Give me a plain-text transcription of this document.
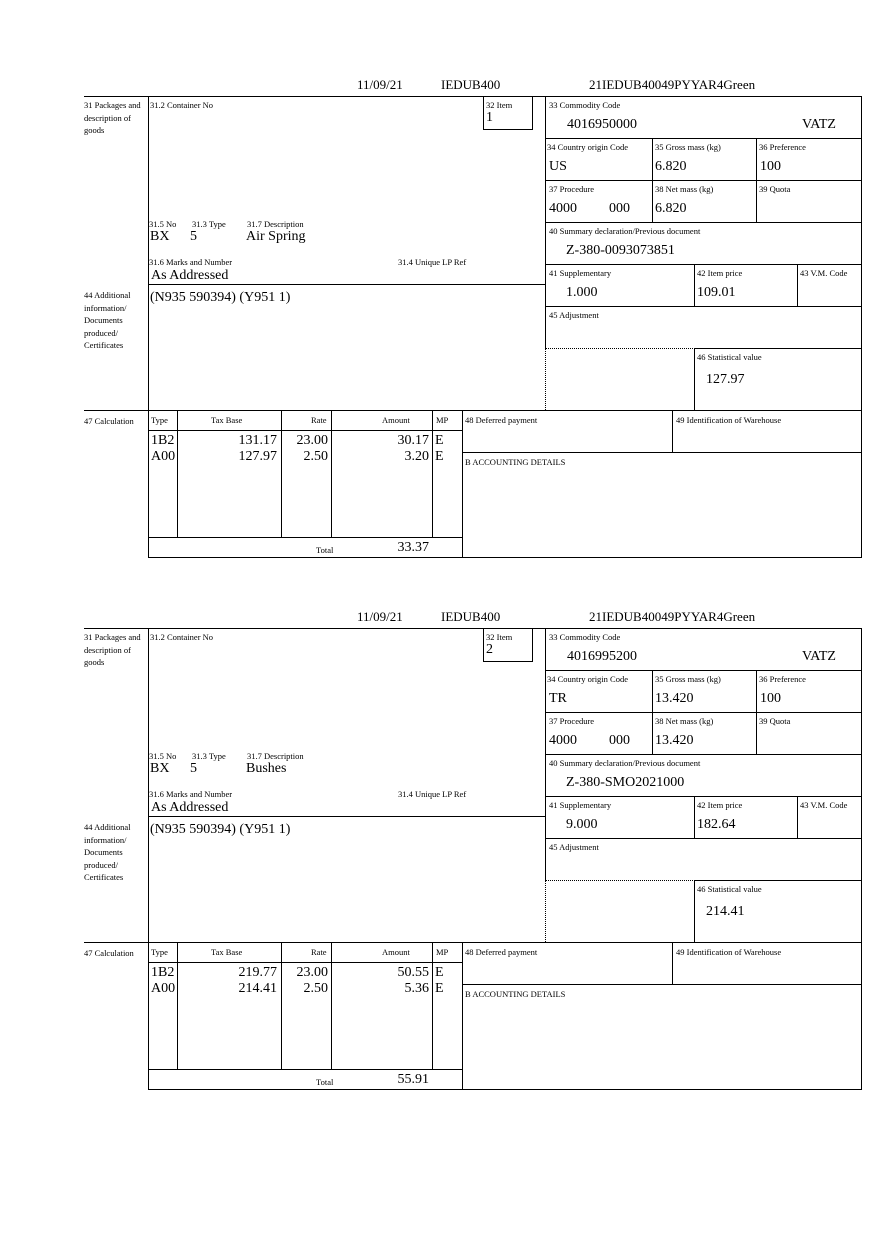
11/09/21	IEDUB400	21IEDUB40049PYYAR4Green
31 Packages and description of goods
31.2 Container No	32 Item
1
33 Commodity Code
4016950000	VATZ
34 Country origin Code
US
35 Gross mass (kg)
6.820
36 Preference
100
37 Procedure
4000 000
38 Net mass (kg)
6.820
39 Quota
40 Summary declaration/Previous document
Z-380-0093073851
31.5 No 31.3 Type	31.7 Description
BX 5	Air Spring
31.6 Marks and Number
As Addressed
31.4 Unique LP Ref
41 Supplementary
1.000
42 Item price
109.01
43 V.M. Code
44 Additional information/ Documents produced/ Certificates
(N935 590394) (Y951 1)
45 Adjustment
46 Statistical value
127.97
47 Calculation	Type	Tax Base	Rate	Amount	MP
1B2	131.17	23.00	30.17 E
A00	127.97	2.50	3.20 E
48 Deferred payment	49 Identification of Warehouse
B ACCOUNTING DETAILS
Total	33.37
11/09/21	IEDUB400	21IEDUB40049PYYAR4Green
31 Packages and description of goods
31.2 Container No	32 Item
2
33 Commodity Code
4016995200	VATZ
34 Country origin Code
TR
35 Gross mass (kg)
13.420
36 Preference
100
37 Procedure
4000 000
38 Net mass (kg)
13.420
39 Quota
40 Summary declaration/Previous document
Z-380-SMO2021000
31.5 No 31.3 Type	31.7 Description
BX 5	Bushes
31.6 Marks and Number
As Addressed
31.4 Unique LP Ref
41 Supplementary
9.000
42 Item price
182.64
43 V.M. Code
44 Additional information/ Documents produced/ Certificates
(N935 590394) (Y951 1)
45 Adjustment
46 Statistical value
214.41
47 Calculation	Type	Tax Base	Rate	Amount	MP
1B2	219.77	23.00	50.55 E
A00	214.41	2.50	5.36 E
48 Deferred payment	49 Identification of Warehouse
B ACCOUNTING DETAILS
Total	55.91
